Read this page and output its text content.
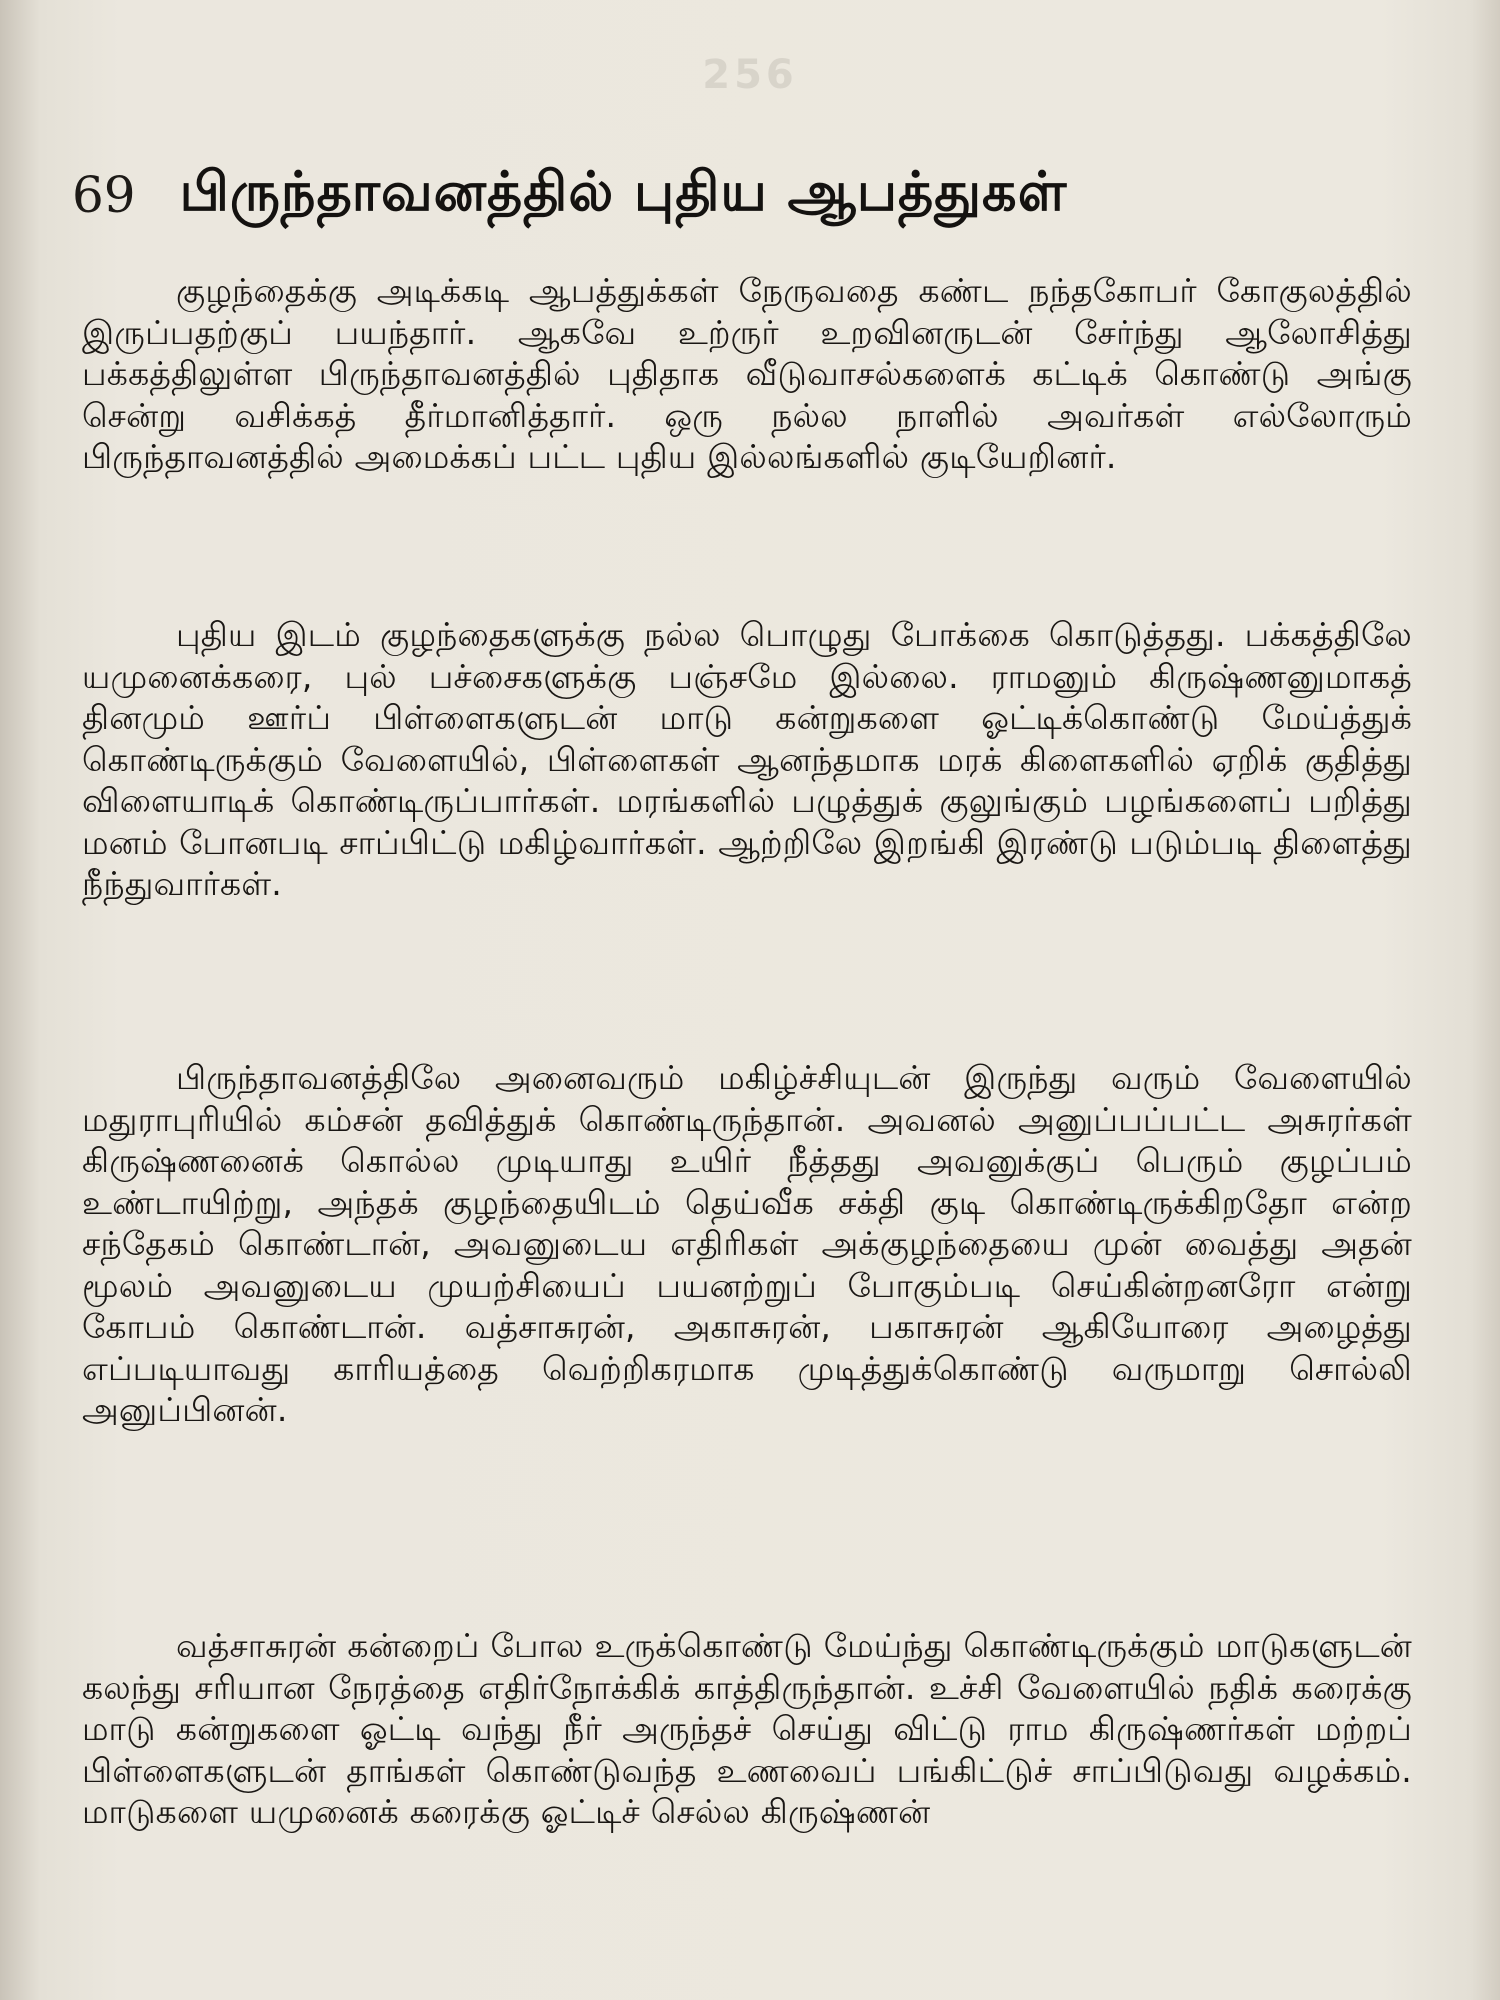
256
69 பிருந்தாவனத்தில் புதிய ஆபத்துகள்

குழந்தைக்கு அடிக்கடி ஆபத்துக்கள் நேருவதை கண்ட நந்தகோபர் கோகுலத்தில் இருப்பதற்குப் பயந்தார். ஆகவே உற்ருர் உறவினருடன் சேர்ந்து ஆலோசித்து பக்கத்திலுள்ள பிருந்தாவனத்தில் புதிதாக வீடுவாசல்களைக் கட்டிக் கொண்டு அங்கு சென்று வசிக்கத் தீர்மானித்தார். ஒரு நல்ல நாளில் அவர்கள் எல்லோரும் பிருந்தாவனத்தில் அமைக்கப் பட்ட புதிய இல்லங்களில் குடியேறினர்.

புதிய இடம் குழந்தைகளுக்கு நல்ல பொழுது போக்கை கொடுத்தது. பக்கத்திலே யமுனைக்கரை, புல் பச்சைகளுக்கு பஞ்சமே இல்லை. ராமனும் கிருஷ்ணனுமாகத் தினமும் ஊர்ப் பிள்ளைகளுடன் மாடு கன்றுகளை ஓட்டிக்கொண்டு மேய்த்துக் கொண்டிருக்கும் வேளையில், பிள்ளைகள் ஆனந்தமாக மரக் கிளைகளில் ஏறிக் குதித்து விளையாடிக் கொண்டிருப்பார்கள். மரங்களில் பழுத்துக் குலுங்கும் பழங்களைப் பறித்து மனம் போனபடி சாப்பிட்டு மகிழ்வார்கள். ஆற்றிலே இறங்கி இரண்டு படும்படி திளைத்து நீந்துவார்கள்.

பிருந்தாவனத்திலே அனைவரும் மகிழ்ச்சியுடன் இருந்து வரும் வேளையில் மதுராபுரியில் கம்சன் தவித்துக் கொண்டிருந்தான். அவனல் அனுப்பப்பட்ட அசுரர்கள் கிருஷ்ணனைக் கொல்ல முடியாது உயிர் நீத்தது அவனுக்குப் பெரும் குழப்பம் உண்டாயிற்று, அந்தக் குழந்தையிடம் தெய்வீக சக்தி குடி கொண்டிருக்கிறதோ என்ற சந்தேகம் கொண்டான், அவனுடைய எதிரிகள் அக்குழந்தையை முன் வைத்து அதன் மூலம் அவனுடைய முயற்சியைப் பயனற்றுப் போகும்படி செய்கின்றனரோ என்று கோபம் கொண்டான். வத்சாசுரன், அகாசுரன், பகாசுரன் ஆகியோரை அழைத்து எப்படியாவது காரியத்தை வெற்றிகரமாக முடித்துக்கொண்டு வருமாறு சொல்லி அனுப்பினன்.

வத்சாசுரன் கன்றைப் போல உருக்கொண்டு மேய்ந்து கொண்டிருக்கும் மாடுகளுடன் கலந்து சரியான நேரத்தை எதிர்நோக்கிக் காத்திருந்தான். உச்சி வேளையில் நதிக் கரைக்கு மாடு கன்றுகளை ஓட்டி வந்து நீர் அருந்தச் செய்து விட்டு ராம கிருஷ்ணர்கள் மற்றப் பிள்ளைகளுடன் தாங்கள் கொண்டுவந்த உணவைப் பங்கிட்டுச் சாப்பிடுவது வழக்கம். மாடுகளை யமுனைக் கரைக்கு ஓட்டிச் செல்ல கிருஷ்ணன்
